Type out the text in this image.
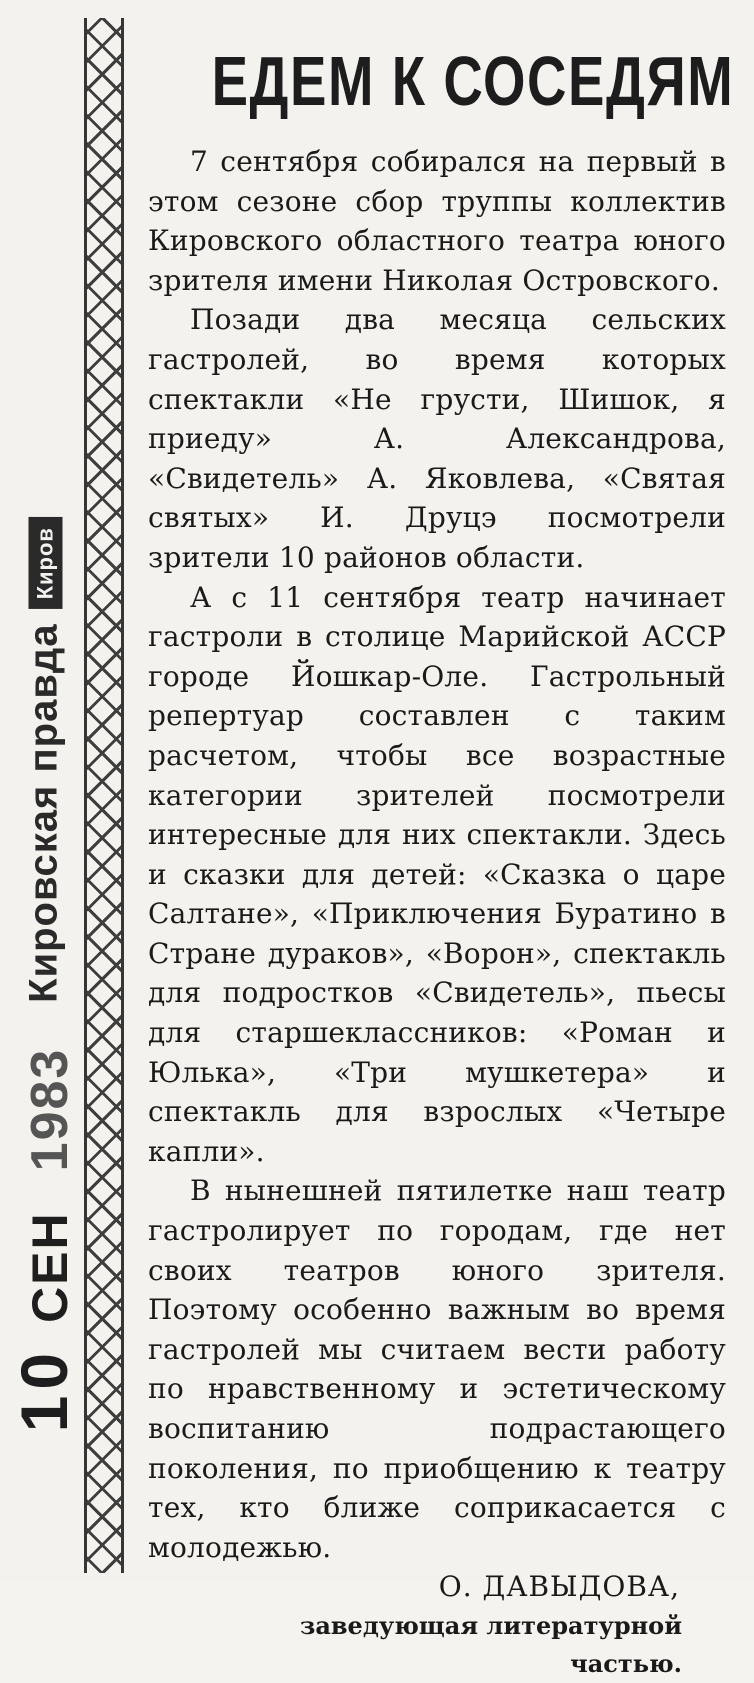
Кировская правдаКиров
10СЕН1983
ЕДЕМ К СОСЕДЯМ

7 сентября собирался на первый в этом сезоне сбор труппы коллектив Кировского областного театра юного зрителя имени Николая Островского.

Позади два месяца сельских гастролей, во время которых спектакли «Не грусти, Шишок, я приеду» А. Александрова, «Свидетель» А. Яковлева, «Святая святых» И. Друцэ посмотрели зрители 10 районов области.

А с 11 сентября театр начинает гастроли в столице Марийской АССР городе Йошкар-Оле. Гастрольный репертуар составлен с таким расчетом, чтобы все возрастные категории зрителей посмотрели интересные для них спектакли. Здесь и сказки для детей: «Сказка о царе Салтане», «Приключения Буратино в Стране дураков», «Ворон», спектакль для подростков «Свидетель», пьесы для старшеклассников: «Роман и Юлька», «Три мушкетера» и спектакль для взрослых «Четыре капли».

В нынешней пятилетке наш театр гастролирует по городам, где нет своих театров юного зрителя. Поэтому особенно важным во время гастролей мы считаем вести работу по нравственному и эстетическому воспитанию подрастающего поколения, по приобщению к театру тех, кто ближе соприкасается с молодежью.

О. ДАВЫДОВА,

заведующая литературной

частью.
